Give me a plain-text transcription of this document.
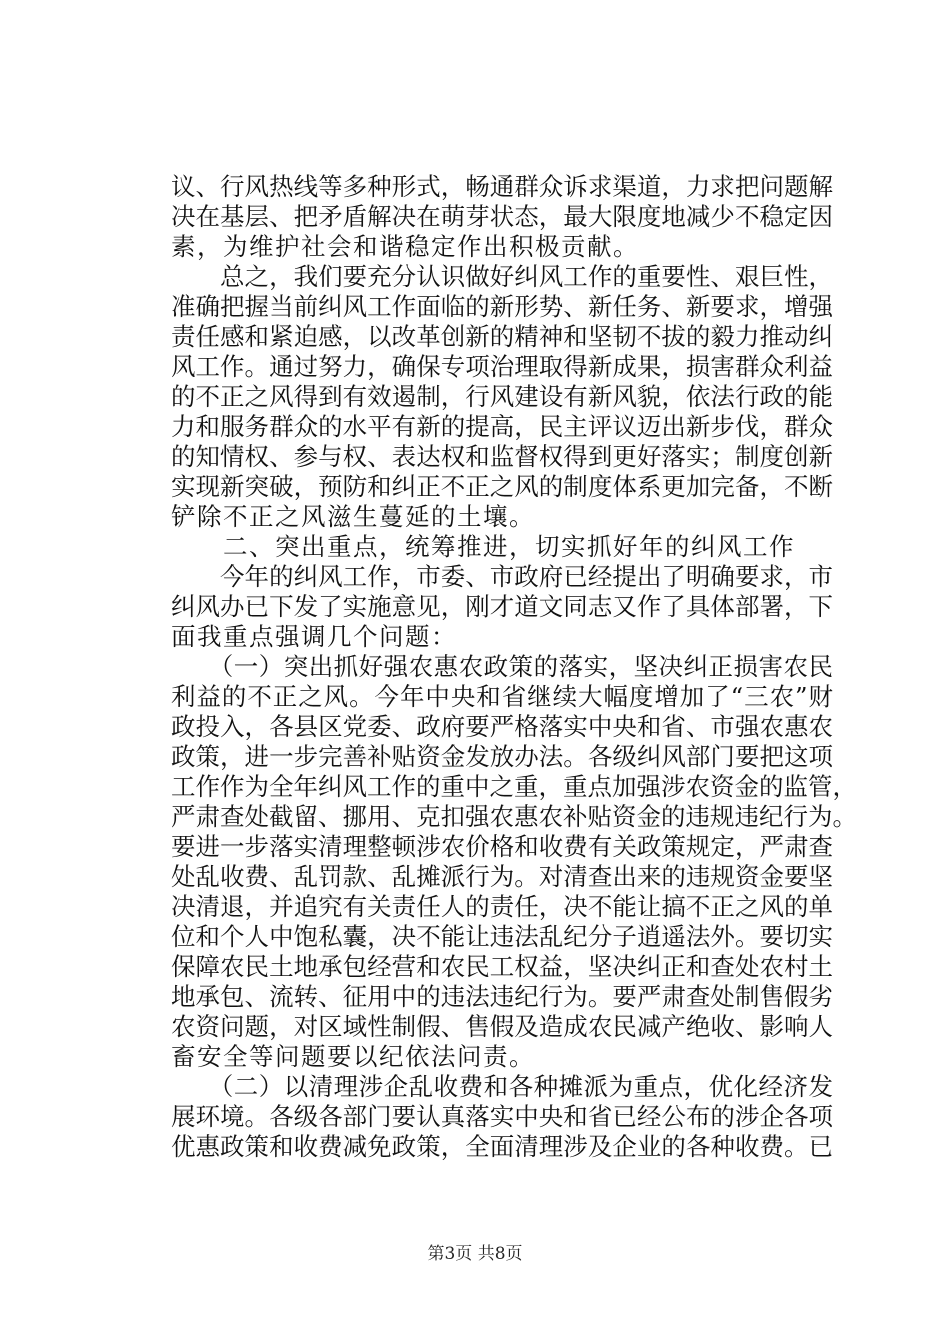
议、行风热线等多种形式，畅通群众诉求渠道，力求把问题解
决在基层、把矛盾解决在萌芽状态，最大限度地减少不稳定因
素，为维护社会和谐稳定作出积极贡献。
　　总之，我们要充分认识做好纠风工作的重要性、艰巨性，
准确把握当前纠风工作面临的新形势、新任务、新要求，增强
责任感和紧迫感，以改革创新的精神和坚韧不拔的毅力推动纠
风工作。通过努力，确保专项治理取得新成果，损害群众利益
的不正之风得到有效遏制，行风建设有新风貌，依法行政的能
力和服务群众的水平有新的提高，民主评议迈出新步伐，群众
的知情权、参与权、表达权和监督权得到更好落实；制度创新
实现新突破，预防和纠正不正之风的制度体系更加完备，不断
铲除不正之风滋生蔓延的土壤。
　　二、突出重点，统筹推进，切实抓好年的纠风工作
　　今年的纠风工作，市委、市政府已经提出了明确要求，市
纠风办已下发了实施意见，刚才道文同志又作了具体部署，下
面我重点强调几个问题：
　　（一）突出抓好强农惠农政策的落实，坚决纠正损害农民
利益的不正之风。今年中央和省继续大幅度增加了“三农”财
政投入，各县区党委、政府要严格落实中央和省、市强农惠农
政策，进一步完善补贴资金发放办法。各级纠风部门要把这项
工作作为全年纠风工作的重中之重，重点加强涉农资金的监管，
严肃查处截留、挪用、克扣强农惠农补贴资金的违规违纪行为。
要进一步落实清理整顿涉农价格和收费有关政策规定，严肃查
处乱收费、乱罚款、乱摊派行为。对清查出来的违规资金要坚
决清退，并追究有关责任人的责任，决不能让搞不正之风的单
位和个人中饱私囊，决不能让违法乱纪分子逍遥法外。要切实
保障农民土地承包经营和农民工权益，坚决纠正和查处农村土
地承包、流转、征用中的违法违纪行为。要严肃查处制售假劣
农资问题，对区域性制假、售假及造成农民减产绝收、影响人
畜安全等问题要以纪依法问责。
　　（二）以清理涉企乱收费和各种摊派为重点，优化经济发
展环境。各级各部门要认真落实中央和省已经公布的涉企各项
优惠政策和收费减免政策，全面清理涉及企业的各种收费。已
第3页 共8页
